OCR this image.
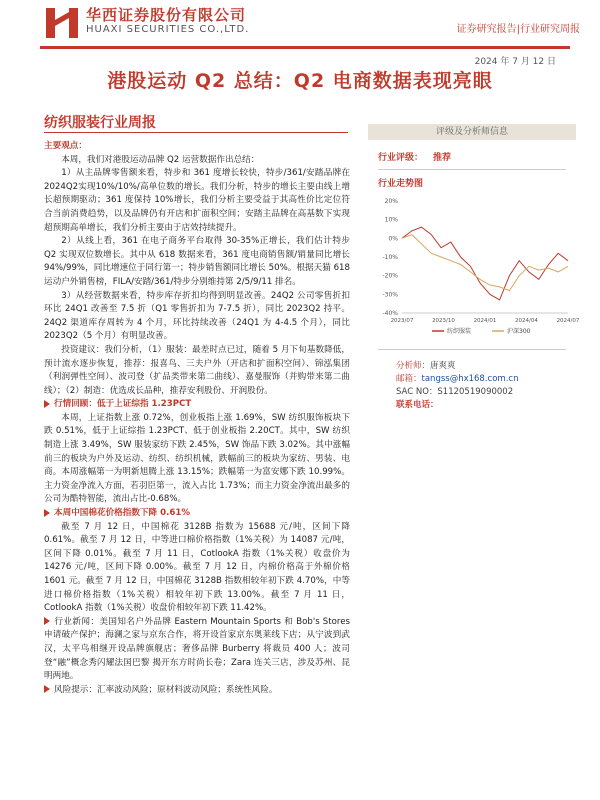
华西证券股份有限公司
HUAXI SECURITIES CO.,LTD.	证券研究报告|行业研究周报
2024 年 7 月 12 日
港股运动 Q2 总结：Q2 电商数据表现亮眼
纺织服装行业周报

主要观点：

本周，我们对港股运动品牌 Q2 运营数据作出总结：

1）从主品牌零售额来看，特步和 361 度增长较快，特步/361/安踏品牌在2024Q2实现10%/10%/高单位数的增长。我们分析，特步的增长主要由线上增长超预期驱动；361 度保持 10%增长，我们分析主要受益于其高性价比定位符合当前消费趋势，以及品牌仍有开店和扩面积空间；安踏主品牌在高基数下实现超预期高单增长，我们分析主要由于店效持续提升。

2）从线上看，361 在电子商务平台取得 30-35%正增长，我们估计特步 Q2 实现双位数增长。其中从 618 数据来看，361 度电商销售额/销量同比增长 94%/99%，同比增速位于同行第一；特步销售额同比增长 50%。根据天猫 618 运动户外销售榜，FILA/安踏/361/特步分别维持第 2/5/9/11 排名。

3）从经营数据来看，特步库存折扣均得到明显改善。24Q2 公司零售折扣环比 24Q1 改善至 7.5 折（Q1 零售折扣为 7-7.5 折），同比 2023Q2 持平。24Q2 渠道库存周转为 4 个月，环比持续改善（24Q1 为 4-4.5 个月），同比 2023Q2（5 个月）有明显改善。

投资建议：我们分析，（1）服装：最差时点已过，随着 5 月下旬基数降低，预计流水逐步恢复，推荐：报喜鸟、三夫户外（开店和扩面积空间）、锦泓集团（利润弹性空间）、波司登（扩品类带来第二曲线）、嘉曼服饰（并购带来第二曲线）；（2）制造：优选成长品种，推荐安利股份、开润股份。

行情回顾：低于上证综指 1.23PCT

本周，上证指数上涨 0.72%，创业板指上涨 1.69%，SW 纺织服饰板块下跌 0.51%，低于上证综指 1.23PCT、低于创业板指 2.20CT。其中，SW 纺织制造上涨 3.49%，SW 服装家纺下跌 2.45%，SW 饰品下跌 3.02%。其中涨幅前三的板块为户外及运动、纺织、纺织机械，跌幅前三的板块为家纺、男装、电商。本周涨幅第一为明新旭腾上涨 13.15%；跌幅第一为富安娜下跌 10.99%。主力资金净流入方面，若羽臣第一，流入占比 1.73%；而主力资金净流出最多的公司为酷特智能，流出占比-0.68%。

本周中国棉花价格指数下降 0.61%

截至 7 月 12 日，中国棉花 3128B 指数为 15688 元/吨，区间下降 0.61%。截至 7 月 12 日，中等进口棉价格指数（1%关税）为 14087 元/吨，区间下降 0.01%。截至 7 月 11 日，CotlookA 指数（1%关税）收盘价为 14276 元/吨，区间下降 0.00%。截至 7 月 12 日，内棉价格高于外棉价格 1601 元。截至 7 月 12 日，中国棉花 3128B 指数相较年初下跌 4.70%，中等进口棉价格指数（1%关税）相较年初下跌 13.00%。截至 7 月 11 日，CotlookA 指数（1%关税）收盘价相较年初下跌 11.42%。

行业新闻：美国知名户外品牌 Eastern Mountain Sports 和 Bob's Stores 申请破产保护；海澜之家与京东合作，将开设首家京东奥莱线下店；从宁波到武汉，太平鸟相继开设品牌旗舰店；奢侈品牌 Burberry 将裁员 400 人；波司登“融”概念秀闪耀法国巴黎 揭开东方时尚长卷；Zara 连关三店，涉及苏州、昆明两地。

风险提示：汇率波动风险；原材料波动风险；系统性风险。

评级及分析师信息
行业评级： 推荐
行业走势图
20%
10%
0%
-10%
-20%
-30%
-40%
2023/07	2023/10	2024/01	2024/04	2024/07
纺织服装	沪深300
分析师：唐爽爽
邮箱：tangss@hx168.com.cn
SAC NO：S1120519090002
联系电话：
